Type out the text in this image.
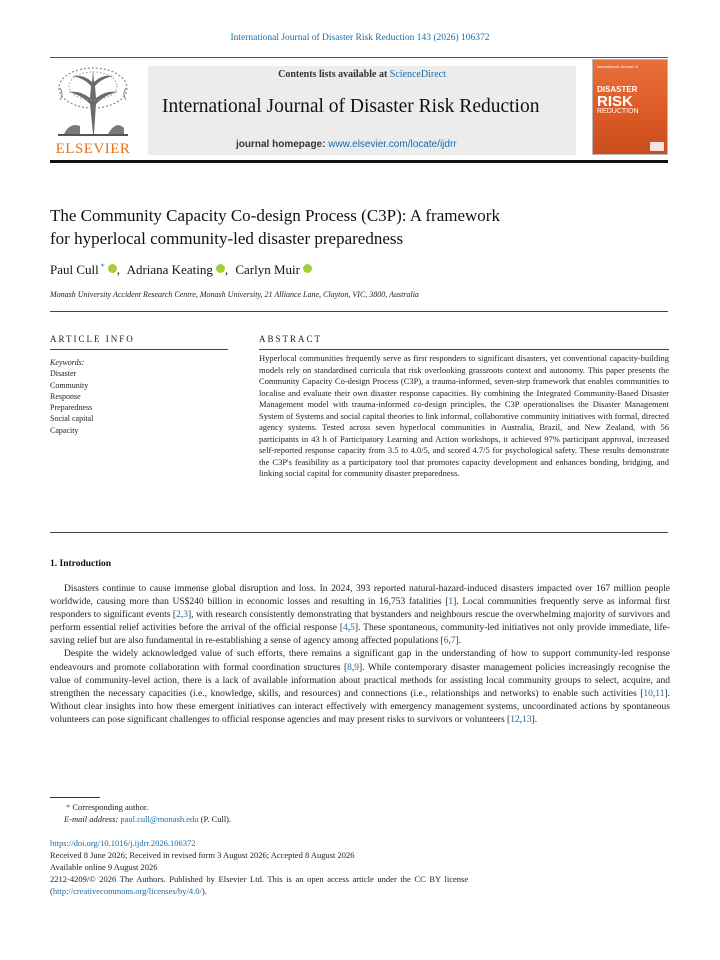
International Journal of Disaster Risk Reduction 143 (2026) 106372
ELSEVIER
Contents lists available at ScienceDirect
International Journal of Disaster Risk Reduction
journal homepage: www.elsevier.com/locate/ijdrr
International Journal of
DISASTER
RISK
REDUCTION
The Community Capacity Co-design Process (C3P): A framework
for hyperlocal community-led disaster preparedness
Paul Cull * , Adriana Keating , Carlyn Muir
Monash University Accident Research Centre, Monash University, 21 Alliance Lane, Clayton, VIC, 3800, Australia
ARTICLE INFO	ABSTRACT
Keywords:
Disaster
Community
Response
Preparedness
Social capital
Capacity
Hyperlocal communities frequently serve as first responders to significant disasters, yet conventional capacity-building models rely on standardised curricula that risk overlooking grassroots context and autonomy. This paper presents the Community Capacity Co-design Process (C3P), a trauma-informed, seven-step framework that enables communities to localise and evaluate their own disaster response capacities. By combining the Integrated Community-Based Disaster Management model with trauma-informed co-design principles, the C3P operationalises the Disaster Management System of Systems and social capital theories to link informal, collaborative community initiatives with formal, directed agency systems. Tested across seven hyperlocal communities in Australia, Brazil, and New Zealand, with 56 participants in 43 h of Participatory Learning and Action workshops, it achieved 97% participant approval, increased self-reported response capacity from 3.5 to 4.0/5, and scored 4.7/5 for psychological safety. These results demonstrate the C3P's feasibility as a participatory tool that promotes capacity development and enhances bonding, bridging, and linking social capital for community disaster preparedness.
1. Introduction

Disasters continue to cause immense global disruption and loss. In 2024, 393 reported natural-hazard-induced disasters impacted over 167 million people worldwide, causing more than US$240 billion in economic losses and resulting in 16,753 fatalities [1]. Local communities frequently serve as informal first responders to significant events [2,3], with research consistently demonstrating that bystanders and neighbours rescue the overwhelming majority of survivors and perform essential relief activities before the arrival of the official response [4,5]. These spontaneous, community-led initiatives not only provide immediate, life-saving relief but are also fundamental in re-establishing a sense of agency among affected populations [6,7].

Despite the widely acknowledged value of such efforts, there remains a significant gap in the understanding of how to support community-led response endeavours and promote collaboration with formal coordination structures [8,9]. While contemporary disaster management policies increasingly recognise the value of community-level action, there is a lack of available information about practical methods for assisting local community groups to select, acquire, and strengthen the necessary capacities (i.e., knowledge, skills, and resources) and connections (i.e., relationships and networks) to enable such activities [10,11]. Without clear insights into how these emergent initiatives can interact effectively with emergency management systems, uncoordinated actions by spontaneous volunteers can pose significant challenges to official response agencies and may present risks to survivors or volunteers [12,13].

* Corresponding author.
E-mail address: paul.cull@monash.edu (P. Cull).
https://doi.org/10.1016/j.ijdrr.2026.106372
Received 8 June 2026; Received in revised form 3 August 2026; Accepted 8 August 2026
Available online 9 August 2026
2212-4209/© 2026 The Authors. Published by Elsevier Ltd. This is an open access article under the CC BY license
(http://creativecommons.org/licenses/by/4.0/).
